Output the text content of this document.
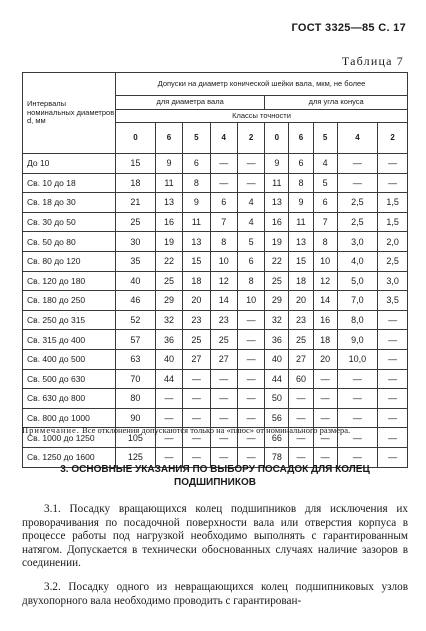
ГОСТ 3325—85 С. 17
Таблица 7
Интервалы номинальных диаметров d, мм	Допуски на диаметр конической шейки вала, мкм, не более									
	для диаметра вала					для угла конуса				
	Классы точности									
	0	6	5	4	2	0	6	5	4	2
До 10	15	9	6	—	—	9	6	4	—	—
Св. 10 до 18	18	11	8	—	—	11	8	5	—	—
Св. 18 до 30	21	13	9	6	4	13	9	6	2,5	1,5
Св. 30 до 50	25	16	11	7	4	16	11	7	2,5	1,5
Св. 50 до 80	30	19	13	8	5	19	13	8	3,0	2,0
Св. 80 до 120	35	22	15	10	6	22	15	10	4,0	2,5
Св. 120 до 180	40	25	18	12	8	25	18	12	5,0	3,0
Св. 180 до 250	46	29	20	14	10	29	20	14	7,0	3,5
Св. 250 до 315	52	32	23	23	—	32	23	16	8,0	—
Св. 315 до 400	57	36	25	25	—	36	25	18	9,0	—
Св. 400 до 500	63	40	27	27	—	40	27	20	10,0	—
Св. 500 до 630	70	44	—	—	—	44	60	—	—	—
Св. 630 до 800	80	—	—	—	—	50	—	—	—	—
Св. 800 до 1000	90	—	—	—	—	56	—	—	—	—
Св. 1000 до 1250	105	—	—	—	—	66	—	—	—	—
Св. 1250 до 1600	125	—	—	—	—	78	—	—	—	—
Примечание. Все отклонения допускаются только на «плюс» от номинального размера.
3. ОСНОВНЫЕ УКАЗАНИЯ ПО ВЫБОРУ ПОСАДОК ДЛЯ КОЛЕЦ ПОДШИПНИКОВ
3.1. Посадку вращающихся колец подшипников для исключения их проворачивания по посадочной поверхности вала или отверстия корпуса в процессе работы под нагрузкой необходимо выполнять с гарантированным натягом. Допускается в технически обоснованных случаях наличие зазоров в соединении.
3.2. Посадку одного из невращающихся колец подшипниковых узлов двухопорного вала необходимо проводить с гарантирован-
